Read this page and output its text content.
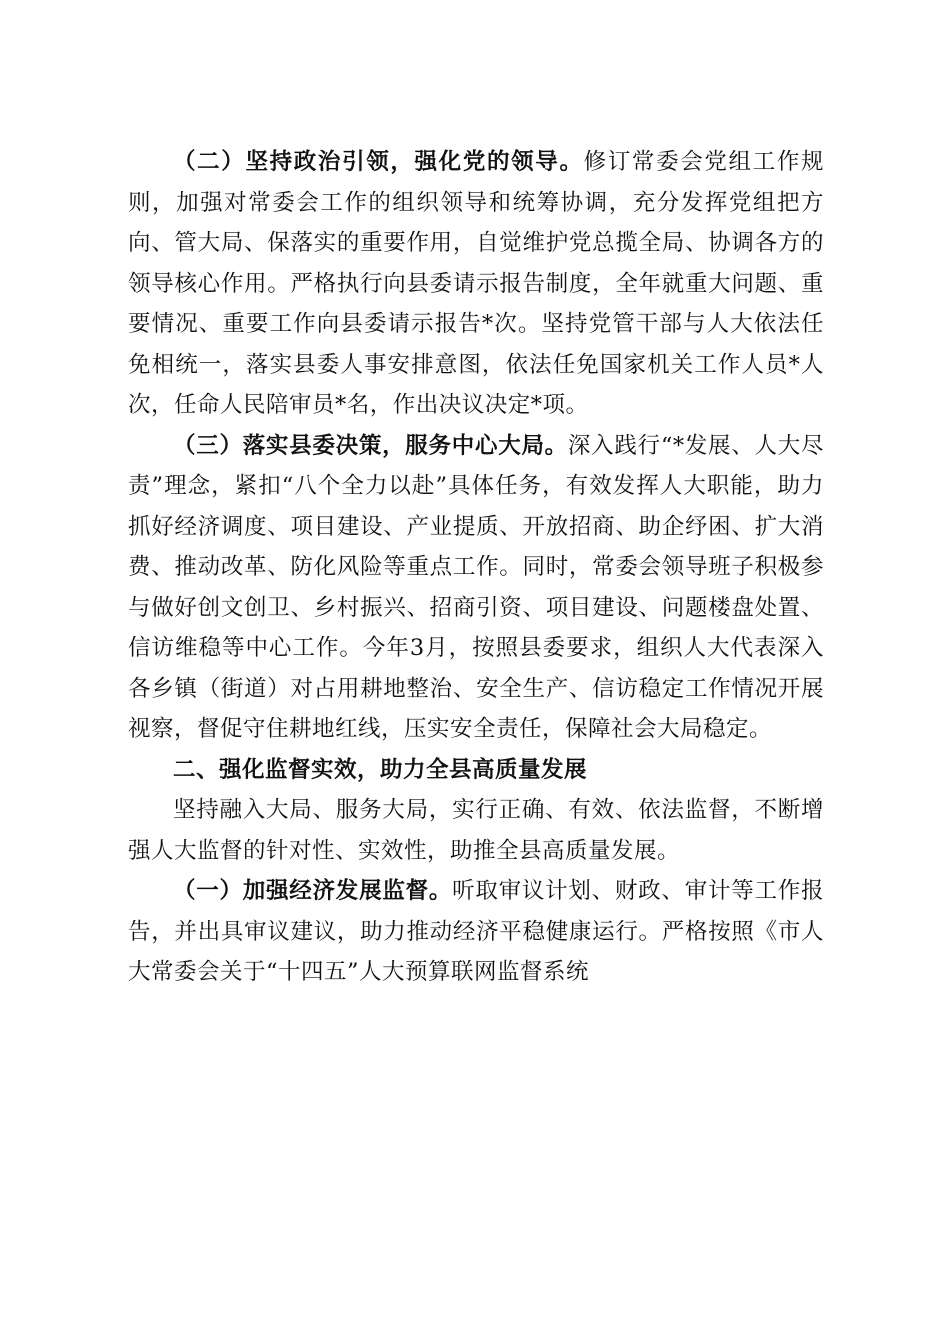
（二）坚持政治引领，强化党的领导。修订常委会党组工作规则，加强对常委会工作的组织领导和统筹协调，充分发挥党组把方向、管大局、保落实的重要作用，自觉维护党总揽全局、协调各方的领导核心作用。严格执行向县委请示报告制度，全年就重大问题、重要情况、重要工作向县委请示报告*次。坚持党管干部与人大依法任免相统一，落实县委人事安排意图，依法任免国家机关工作人员*人次，任命人民陪审员*名，作出决议决定*项。

（三）落实县委决策，服务中心大局。深入践行“*发展、人大尽责”理念，紧扣“八个全力以赴”具体任务，有效发挥人大职能，助力抓好经济调度、项目建设、产业提质、开放招商、助企纾困、扩大消费、推动改革、防化风险等重点工作。同时，常委会领导班子积极参与做好创文创卫、乡村振兴、招商引资、项目建设、问题楼盘处置、信访维稳等中心工作。今年3月，按照县委要求，组织人大代表深入各乡镇（街道）对占用耕地整治、安全生产、信访稳定工作情况开展视察，督促守住耕地红线，压实安全责任，保障社会大局稳定。

二、强化监督实效，助力全县高质量发展

坚持融入大局、服务大局，实行正确、有效、依法监督，不断增强人大监督的针对性、实效性，助推全县高质量发展。

（一）加强经济发展监督。听取审议计划、财政、审计等工作报告，并出具审议建议，助力推动经济平稳健康运行。严格按照《市人大常委会关于“十四五”人大预算联网监督系统
